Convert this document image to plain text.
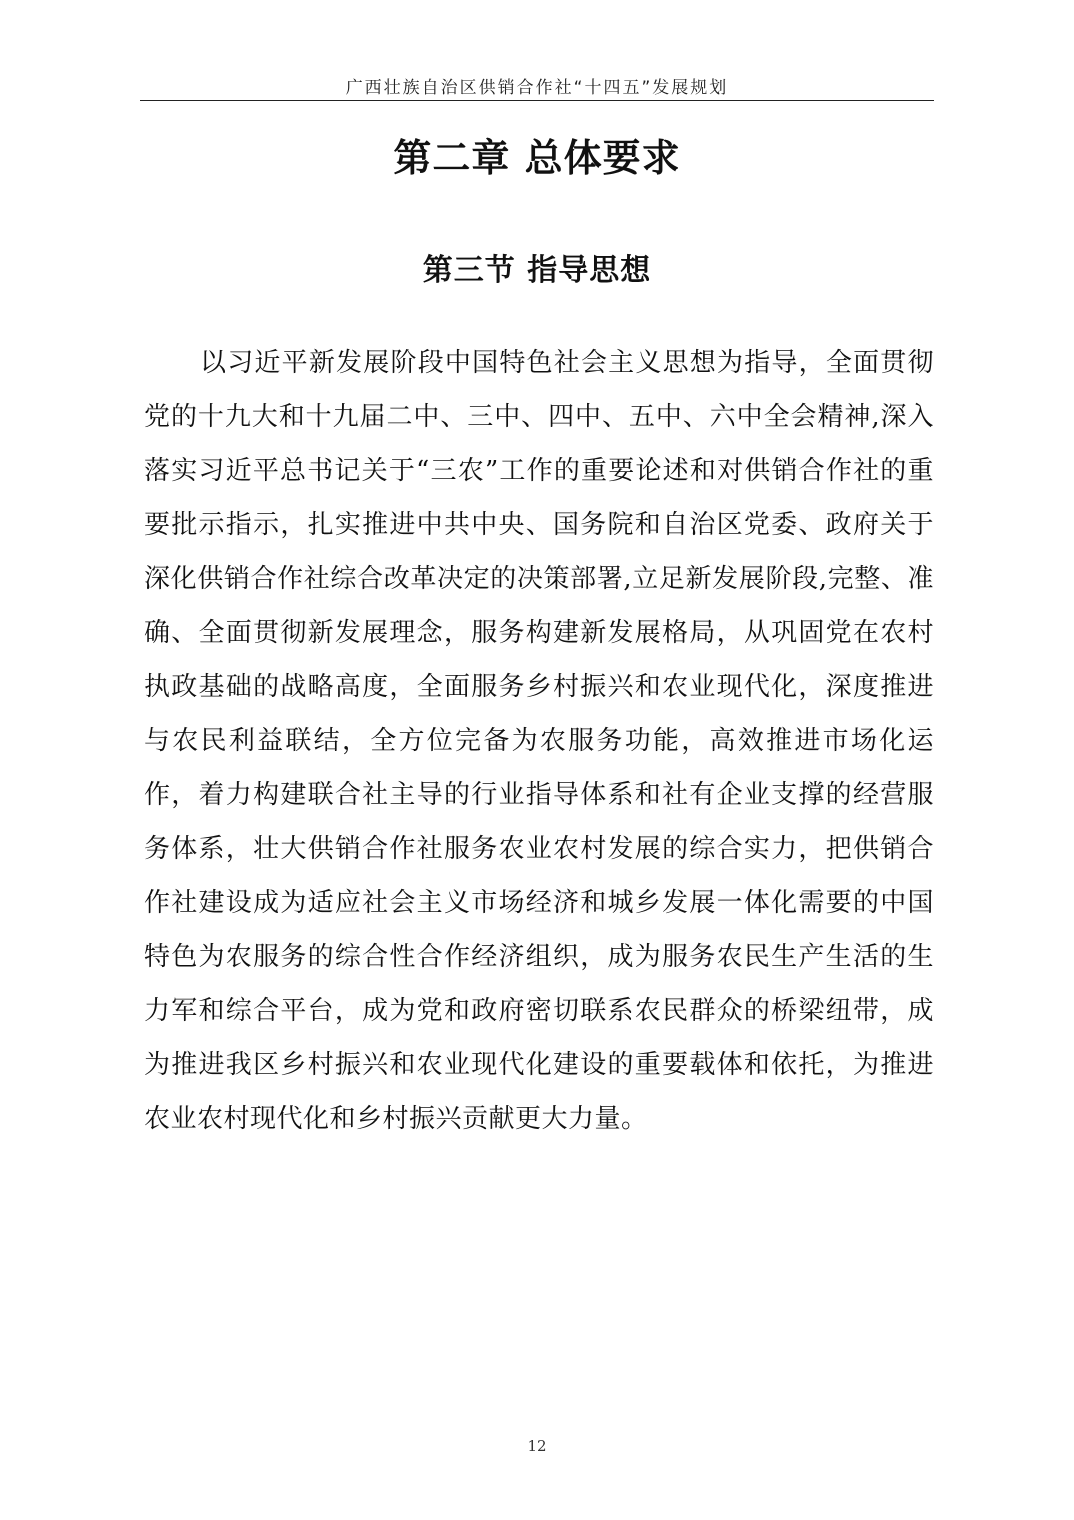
广西壮族自治区供销合作社“十四五”发展规划
第二章 总体要求
第三节 指导思想

以习近平新发展阶段中国特色社会主义思想为指导，全面贯彻党的十九大和十九届二中、三中、四中、五中、六中全会精神,深入落实习近平总书记关于“三农”工作的重要论述和对供销合作社的重要批示指示，扎实推进中共中央、国务院和自治区党委、政府关于深化供销合作社综合改革决定的决策部署,立足新发展阶段,完整、准确、全面贯彻新发展理念，服务构建新发展格局，从巩固党在农村执政基础的战略高度，全面服务乡村振兴和农业现代化，深度推进与农民利益联结，全方位完备为农服务功能，高效推进市场化运作，着力构建联合社主导的行业指导体系和社有企业支撑的经营服务体系，壮大供销合作社服务农业农村发展的综合实力，把供销合作社建设成为适应社会主义市场经济和城乡发展一体化需要的中国特色为农服务的综合性合作经济组织，成为服务农民生产生活的生力军和综合平台，成为党和政府密切联系农民群众的桥梁纽带，成为推进我区乡村振兴和农业现代化建设的重要载体和依托，为推进农业农村现代化和乡村振兴贡献更大力量。

12
